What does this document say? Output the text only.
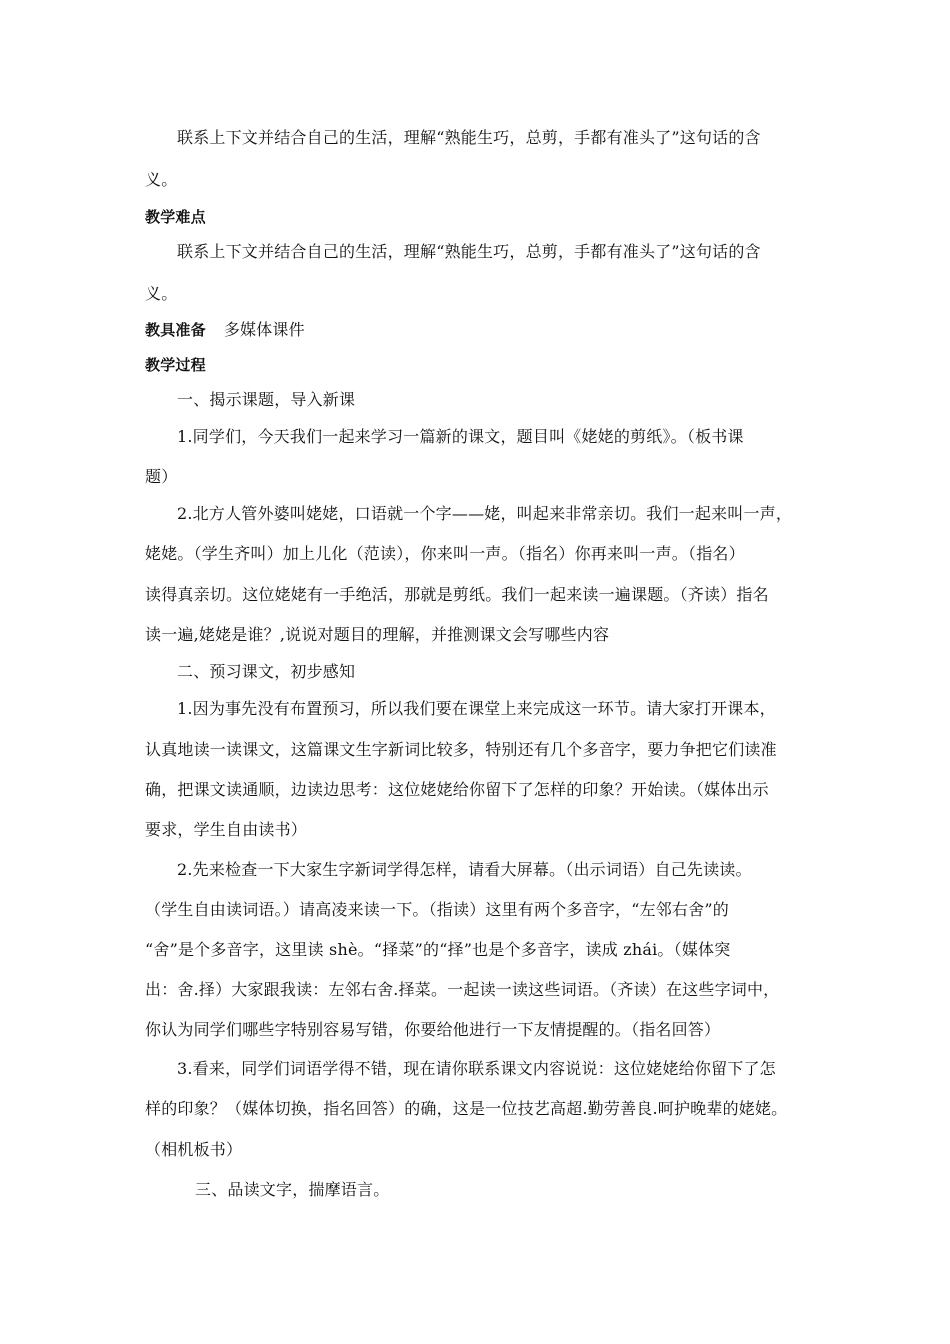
联系上下文并结合自己的生活，理解“熟能生巧，总剪，手都有准头了”这句话的含
义。
教学难点
联系上下文并结合自己的生活，理解“熟能生巧，总剪，手都有准头了”这句话的含
义。
教具准备 多媒体课件
教学过程
一、揭示课题，导入新课
1.同学们，今天我们一起来学习一篇新的课文，题目叫《姥姥的剪纸》。（板书课
题）
2.北方人管外婆叫姥姥，口语就一个字——姥，叫起来非常亲切。我们一起来叫一声，
姥姥。（学生齐叫）加上儿化（范读），你来叫一声。（指名）你再来叫一声。（指名）
读得真亲切。这位姥姥有一手绝活，那就是剪纸。我们一起来读一遍课题。（齐读）指名
读一遍,姥姥是谁？,说说对题目的理解，并推测课文会写哪些内容
二、预习课文，初步感知
1.因为事先没有布置预习，所以我们要在课堂上来完成这一环节。请大家打开课本，
认真地读一读课文，这篇课文生字新词比较多，特别还有几个多音字，要力争把它们读准
确，把课文读通顺，边读边思考：这位姥姥给你留下了怎样的印象？开始读。（媒体出示
要求，学生自由读书）
2.先来检查一下大家生字新词学得怎样，请看大屏幕。（出示词语）自己先读读。
（学生自由读词语。）请高凌来读一下。（指读）这里有两个多音字，“左邻右舍”的
“舍”是个多音字，这里读 shè。“择菜”的“择”也是个多音字，读成 zhái。（媒体突
出：舍.择）大家跟我读：左邻右舍.择菜。一起读一读这些词语。（齐读）在这些字词中，
你认为同学们哪些字特别容易写错，你要给他进行一下友情提醒的。（指名回答）
3.看来，同学们词语学得不错，现在请你联系课文内容说说：这位姥姥给你留下了怎
样的印象？（媒体切换，指名回答）的确，这是一位技艺高超.勤劳善良.呵护晚辈的姥姥。
（相机板书）
三、品读文字，揣摩语言。
